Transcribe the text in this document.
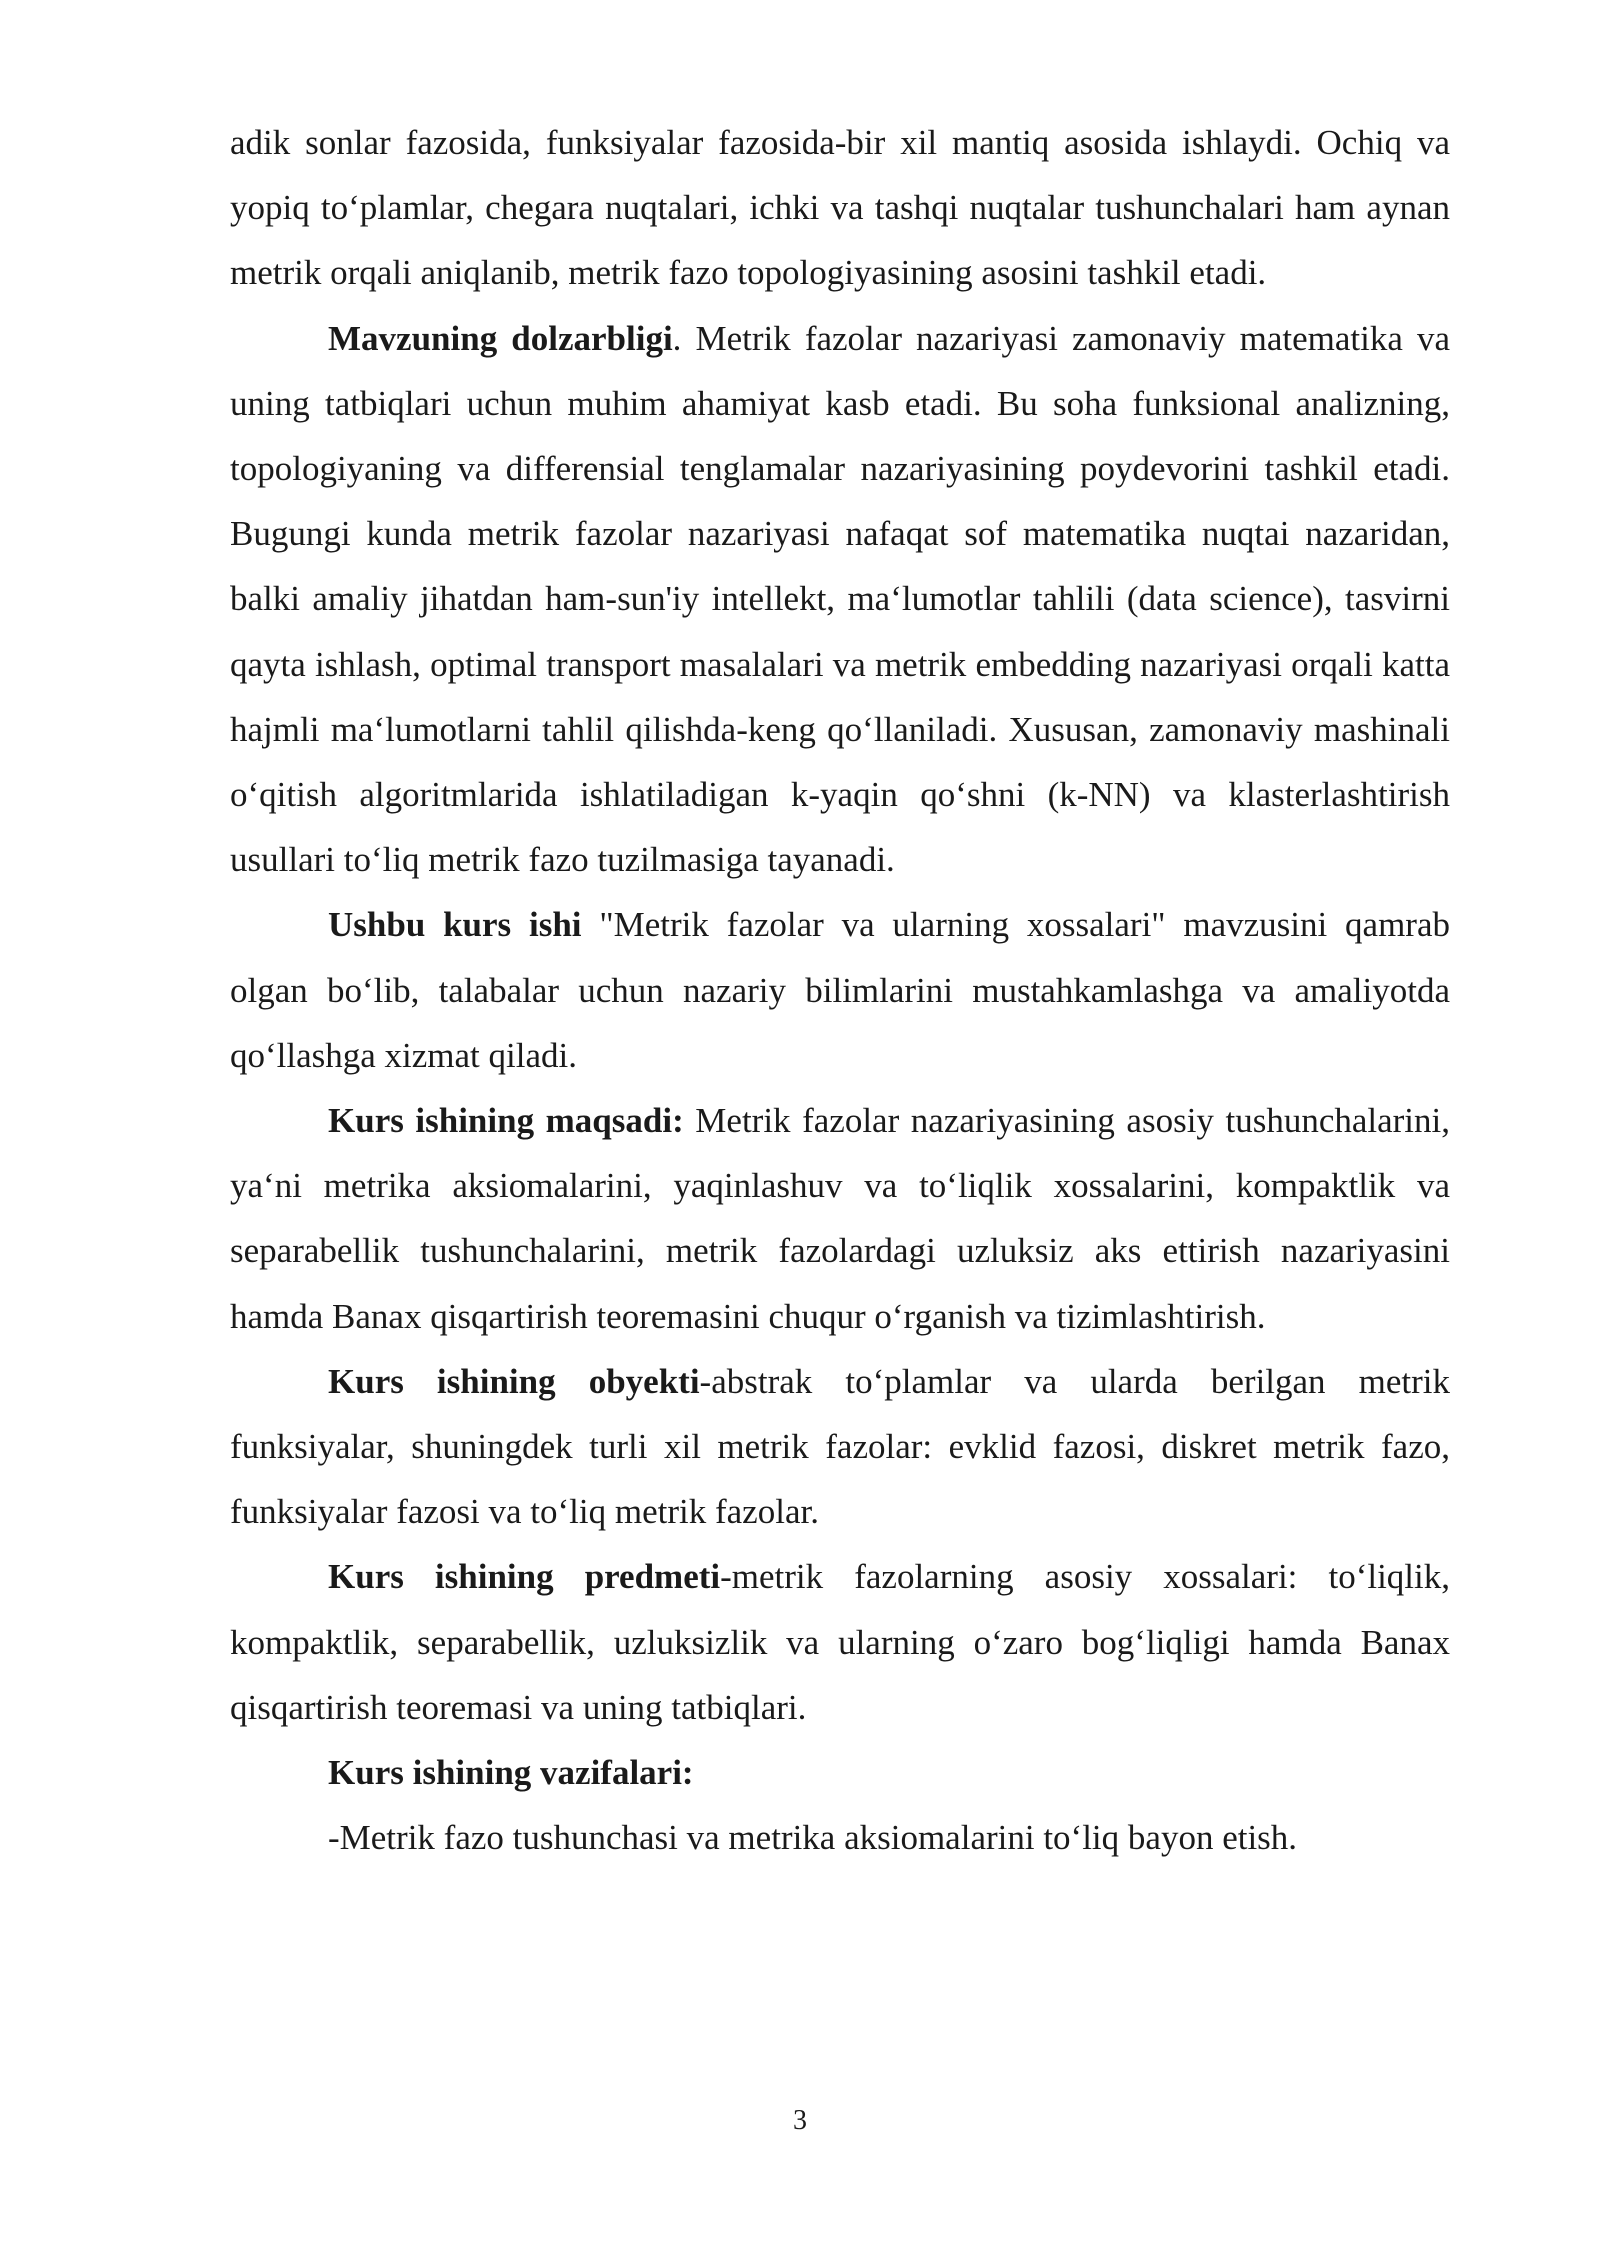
adik sonlar fazosida, funksiyalar fazosida-bir xil mantiq asosida ishlaydi. Ochiq va yopiq to‘plamlar, chegara nuqtalari, ichki va tashqi nuqtalar tushunchalari ham aynan metrik orqali aniqlanib, metrik fazo topologiyasining asosini tashkil etadi.

Mavzuning dolzarbligi. Metrik fazolar nazariyasi zamonaviy matematika va uning tatbiqlari uchun muhim ahamiyat kasb etadi. Bu soha funksional analizning, topologiyaning va differensial tenglamalar nazariyasining poydevorini tashkil etadi. Bugungi kunda metrik fazolar nazariyasi nafaqat sof matematika nuqtai nazaridan, balki amaliy jihatdan ham-sun'iy intellekt, ma‘lumotlar tahlili (data science), tasvirni qayta ishlash, optimal transport masalalari va metrik embedding nazariyasi orqali katta hajmli ma‘lumotlarni tahlil qilishda-keng qo‘llaniladi. Xususan, zamonaviy mashinali o‘qitish algoritmlarida ishlatiladigan k-yaqin qo‘shni (k-NN) va klasterlashtirish usullari to‘liq metrik fazo tuzilmasiga tayanadi.

Ushbu kurs ishi "Metrik fazolar va ularning xossalari" mavzusini qamrab olgan bo‘lib, talabalar uchun nazariy bilimlarini mustahkamlashga va amaliyotda qo‘llashga xizmat qiladi.

Kurs ishining maqsadi: Metrik fazolar nazariyasining asosiy tushunchalarini, ya‘ni metrika aksiomalarini, yaqinlashuv va to‘liqlik xossalarini, kompaktlik va separabellik tushunchalarini, metrik fazolardagi uzluksiz aks ettirish nazariyasini hamda Banax qisqartirish teoremasini chuqur o‘rganish va tizimlashtirish.

Kurs ishining obyekti-abstrak to‘plamlar va ularda berilgan metrik funksiyalar, shuningdek turli xil metrik fazolar: evklid fazosi, diskret metrik fazo, funksiyalar fazosi va to‘liq metrik fazolar.

Kurs ishining predmeti-metrik fazolarning asosiy xossalari: to‘liqlik, kompaktlik, separabellik, uzluksizlik va ularning o‘zaro bog‘liqligi hamda Banax qisqartirish teoremasi va uning tatbiqlari.

Kurs ishining vazifalari:

-Metrik fazo tushunchasi va metrika aksiomalarini to‘liq bayon etish.

3
